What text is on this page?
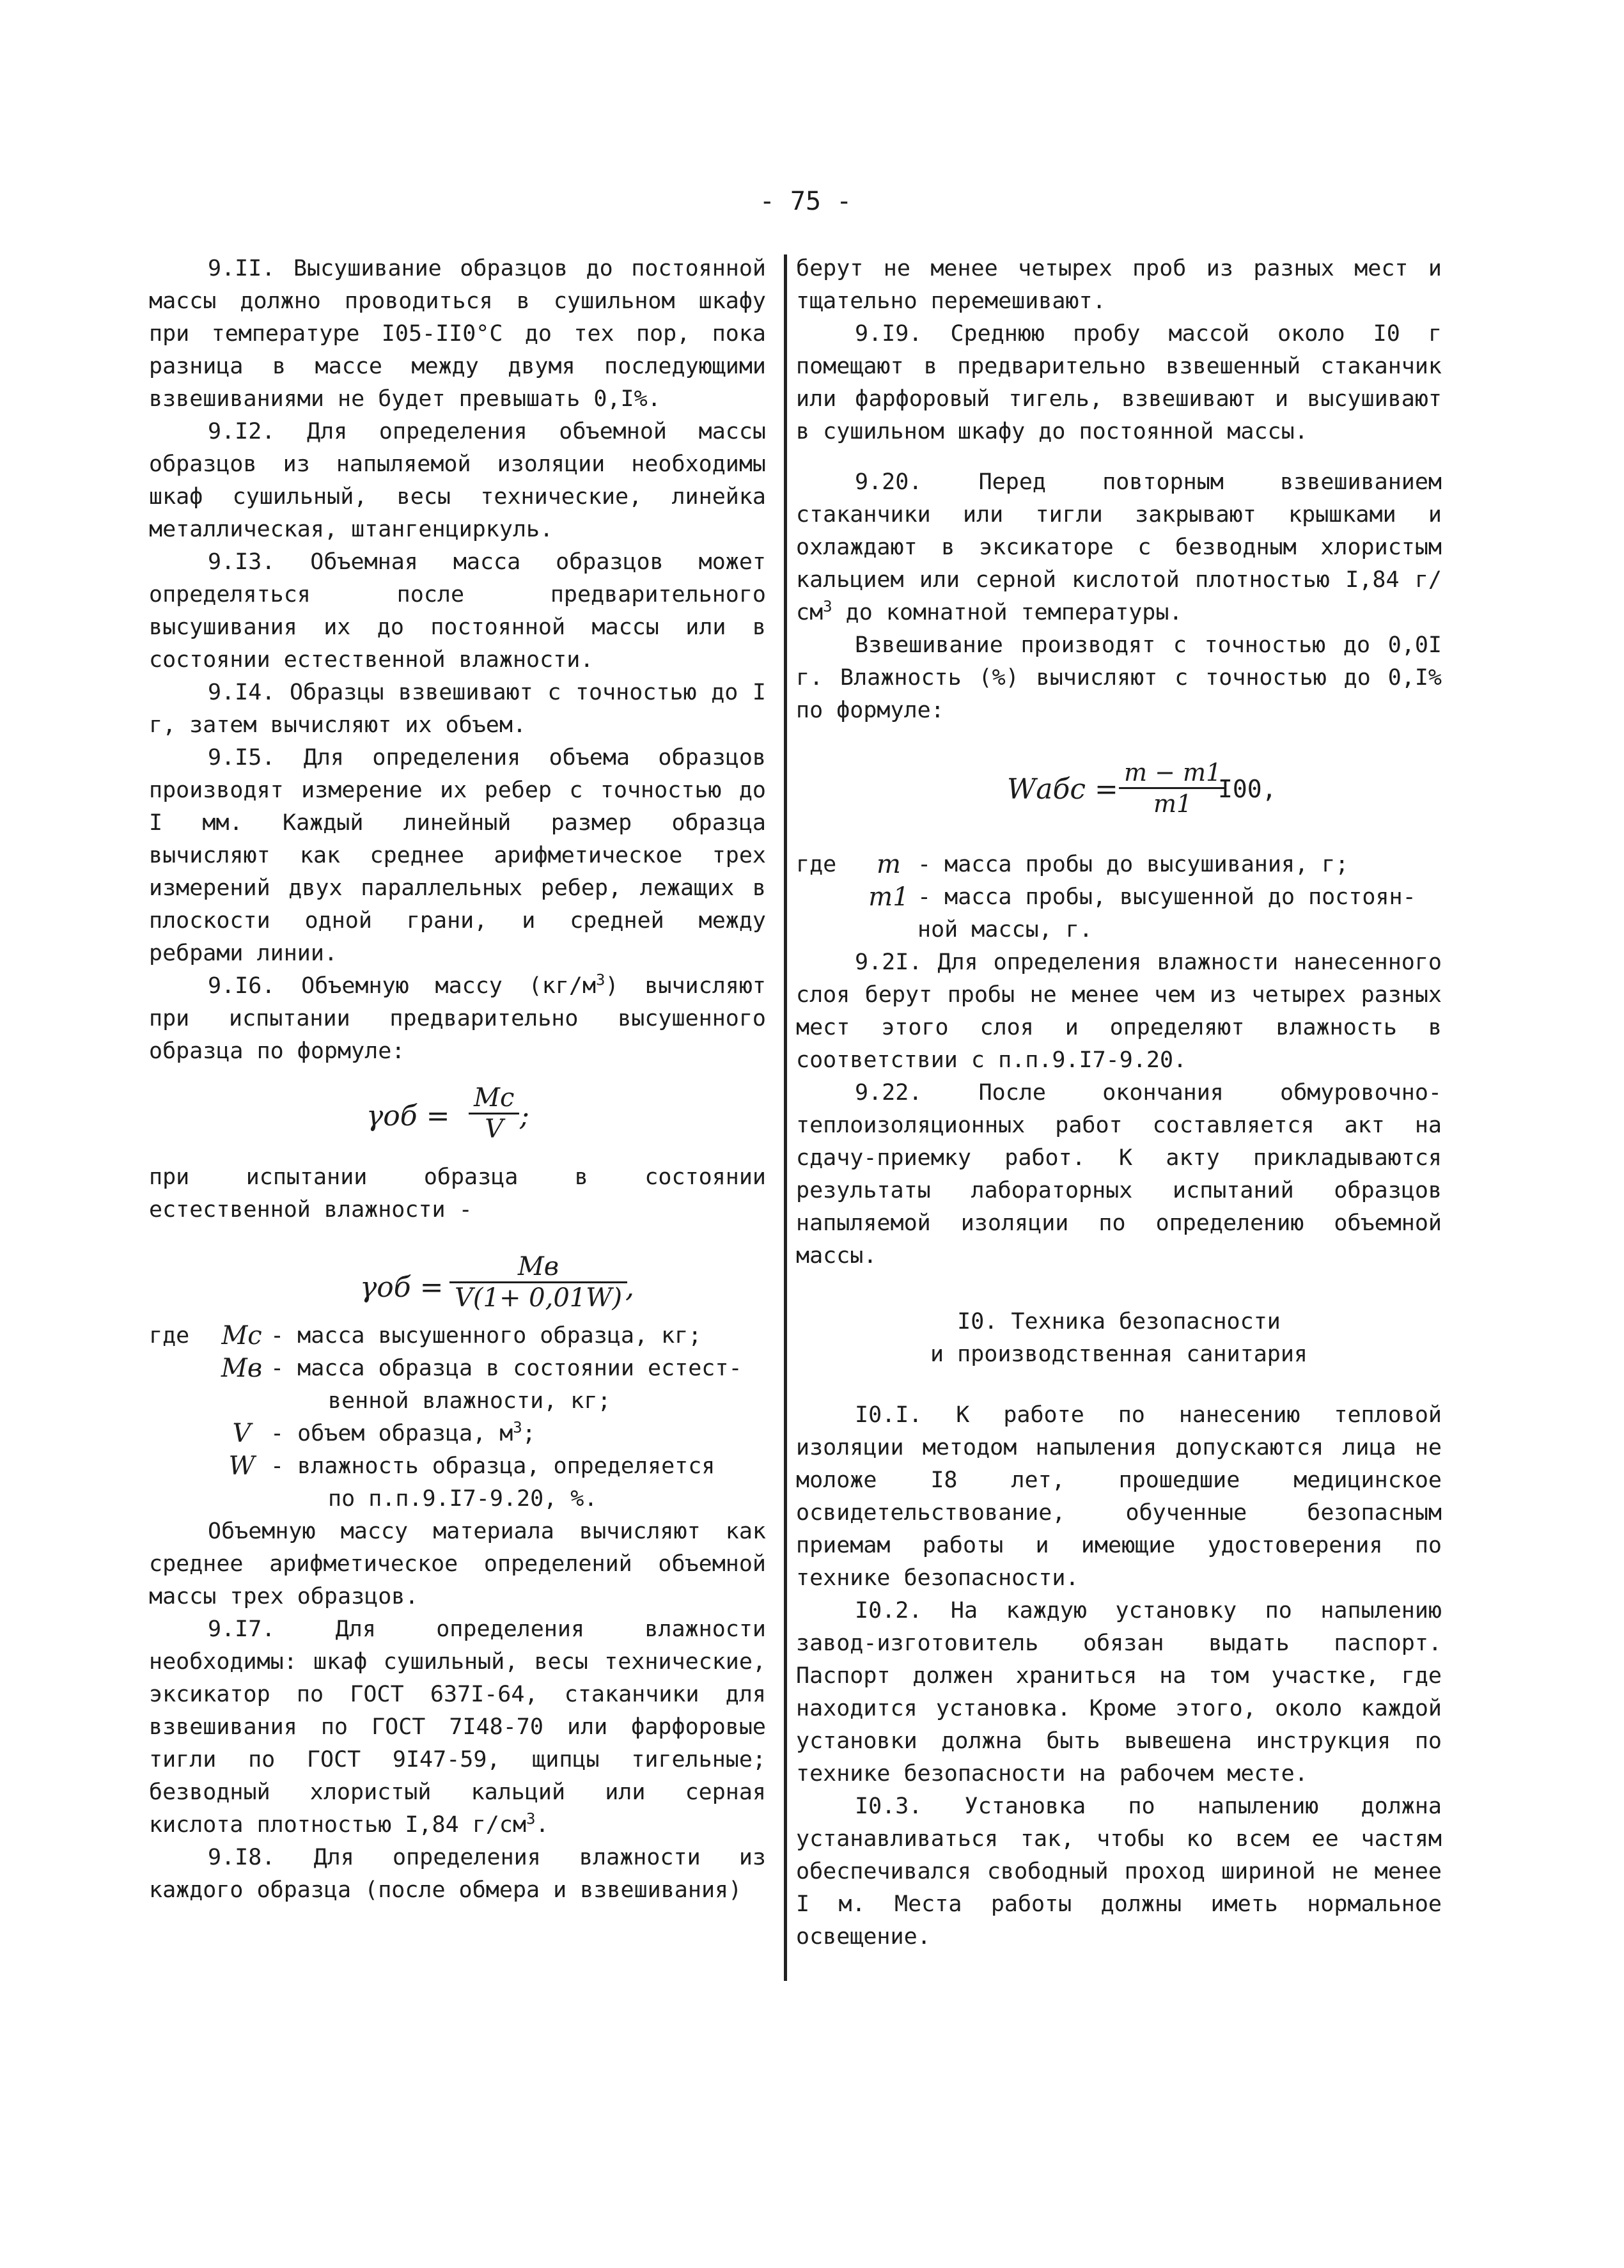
- 75 -

9.II. Высушивание образцов до постоянной массы должно проводиться в сушильном шкафу при температуре I05-II0°C до тех пор, пока разница в массе между двумя последующими взвешиваниями не будет превышать 0,I%.

9.I2. Для определения объемной массы образцов из напыляемой изоляции необходимы шкаф сушильный, весы технические, линейка металлическая, штангенциркуль.

9.I3. Объемная масса образцов может определяться после предварительного высушивания их до постоянной массы или в состоянии естественной влажности.

9.I4. Образцы взвешивают с точностью до I г, затем вычисляют их объем.

9.I5. Для определения объема образцов производят измерение их ребер с точностью до I мм. Каждый линейный размер образца вычисляют как среднее арифметическое трех измерений двух параллельных ребер, лежащих в плоскости одной грани, и средней между ребрами линии.

9.I6. Объемную массу $(кг/м^3)$ вычисляют при испытании предварительно высушенного образца по формуле:

$\gamma об = \frac{Mc}{V}$ ;

при испытании образца в состоянии естественной влажности -

γоб =
Mв
V(1+ 0,01W) ,
где	Mc - масса высушенного образца, кг;
Mв - масса образца в состоянии естест-
венной влажности, кг;
V - объем образца, $м^3$;
W - влажность образца, определяется
по п.п.9.I7-9.20, %.

Объемную массу материала вычисляют как среднее арифметическое определений объемной массы трех образцов.

9.I7. Для определения влажности необходимы: шкаф сушильный, весы технические, эксикатор по ГОСТ 637I-64, стаканчики для взвешивания по ГОСТ 7I48-70 или фарфоровые тигли по ГОСТ 9I47-59, щипцы тигельные; безводный хлористый кальций или серная кислота плотностью I,84 $г/см^3$.

9.I8. Для определения влажности из каждого образца (после обмера и взвешивания)

берут не менее четырех проб из разных мест и тщательно перемешивают.

9.I9. Среднюю пробу массой около I0 г помещают в предварительно взвешенный стаканчик или фарфоровый тигель, взвешивают и высушивают в сушильном шкафу до постоянной массы.

9.20. Перед повторным взвешиванием стаканчики или тигли закрывают крышками и охлаждают в эксикаторе с безводным хлористым кальцием или серной кислотой плотностью I,84 $г/см^3$ до комнатной температуры.

Взвешивание производят с точностью до 0,0I г. Влажность (%) вычисляют с точностью до 0,I% по формуле:

Wабс = $\frac{m - m1}{m1}$
I00,
где	m - масса пробы до высушивания, г;
m1 - масса пробы, высушенной до постоян-
ной массы, г.

9.2I. Для определения влажности нанесенного слоя берут пробы не менее чем из четырех разных мест этого слоя и определяют влажность в соответствии с п.п.9.I7-9.20.

9.22. После окончания обмуровочно-теплоизоляционных работ составляется акт на сдачу-приемку работ. К акту прикладываются результаты лабораторных испытаний образцов напыляемой изоляции по определению объемной массы.

I0. Техника безопасности
и производственная санитария

I0.I. К работе по нанесению тепловой изоляции методом напыления допускаются лица не моложе I8 лет, прошедшие медицинское освидетельствование, обученные безопасным приемам работы и имеющие удостоверения по технике безопасности.

I0.2. На каждую установку по напылению завод-изготовитель обязан выдать паспорт. Паспорт должен храниться на том участке, где находится установка. Кроме этого, около каждой установки должна быть вывешена инструкция по технике безопасности на рабочем месте.

I0.3. Установка по напылению должна устанавливаться так, чтобы ко всем ее частям обеспечивался свободный проход шириной не менее I м. Места работы должны иметь нормальное освещение.
